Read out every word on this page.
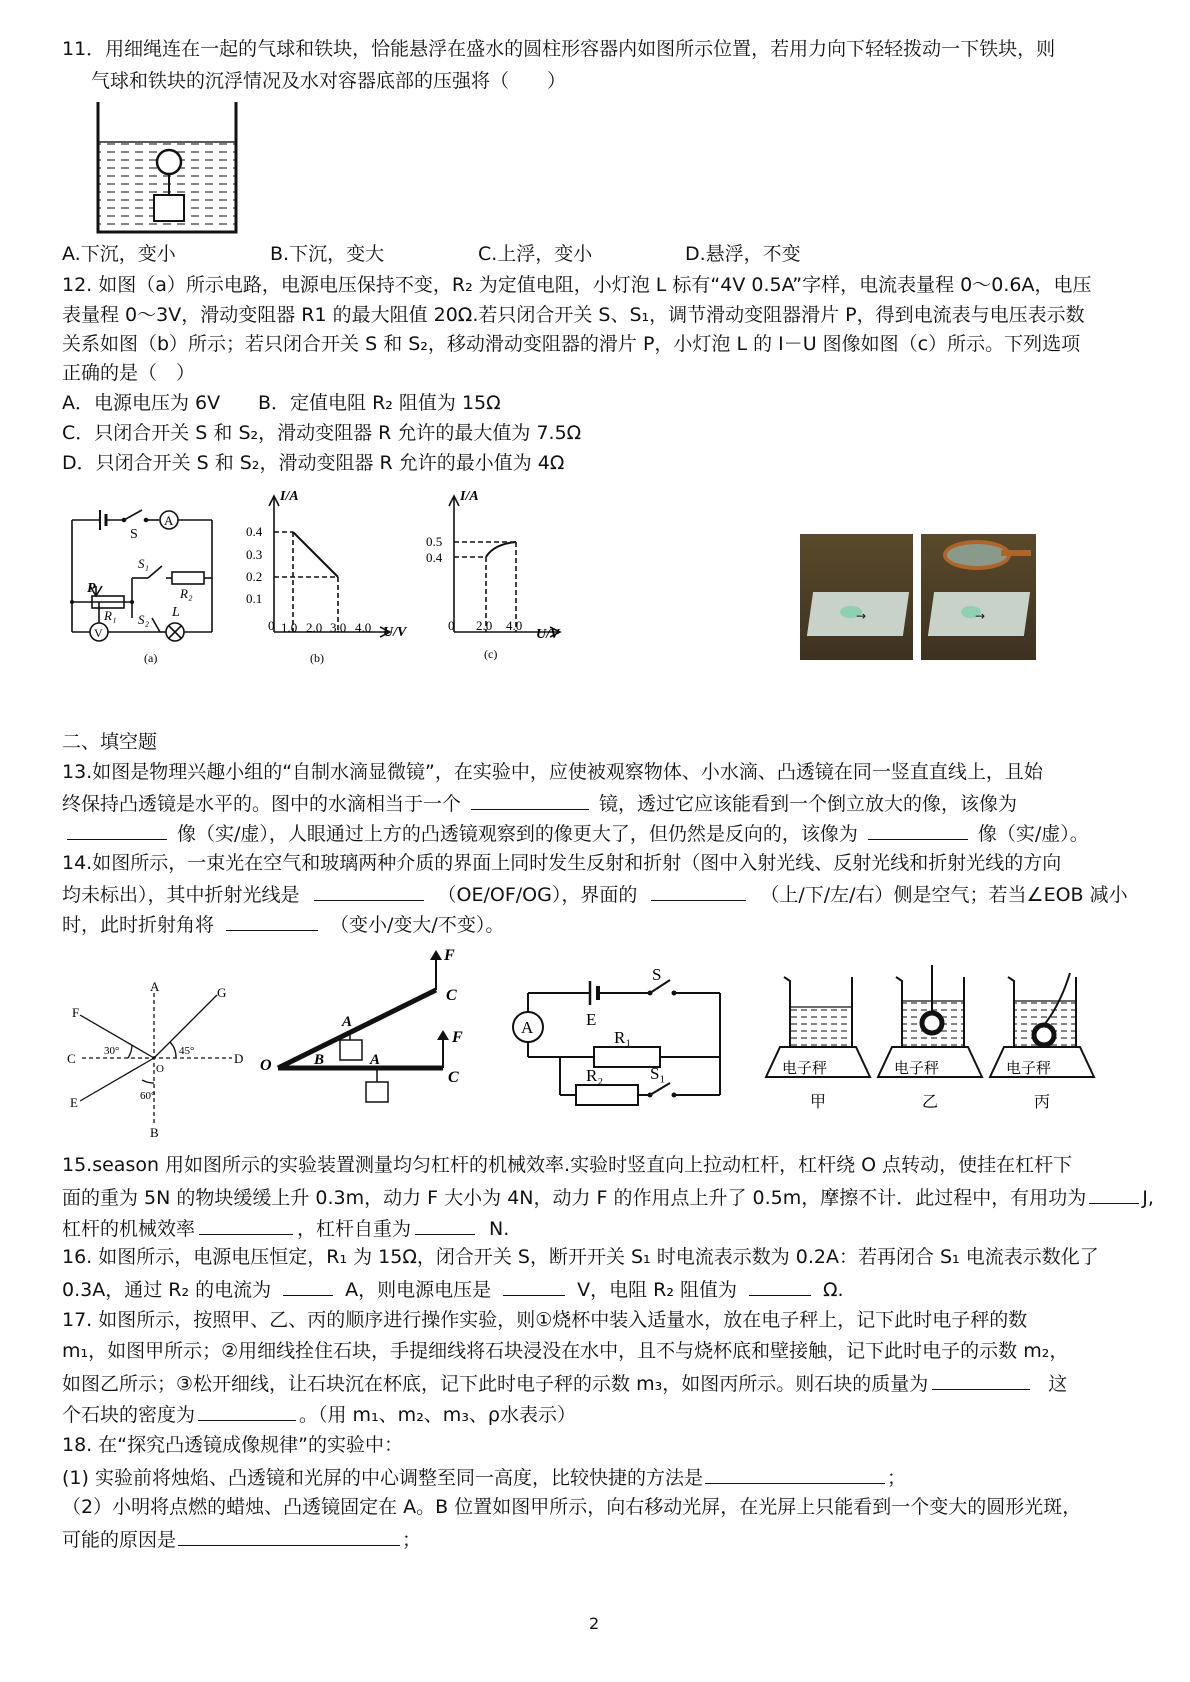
11．用细绳连在一起的气球和铁块，恰能悬浮在盛水的圆柱形容器内如图所示位置，若用力向下轻轻拨动一下铁块，则
气球和铁块的沉浮情况及水对容器底部的压强将（　　）
A.下沉，变小	B.下沉，变大	C.上浮，变小	D.悬浮，不变
12. 如图（a）所示电路，电源电压保持不变，R₂ 为定值电阻，小灯泡 L 标有“4V 0.5A”字样，电流表量程 0～0.6A，电压
表量程 0～3V，滑动变阻器 R1 的最大阻值 20Ω.若只闭合开关 S、S₁，调节滑动变阻器滑片 P，得到电流表与电压表示数
关系如图（b）所示；若只闭合开关 S 和 S₂，移动滑动变阻器的滑片 P，小灯泡 L 的 I－U 图像如图（c）所示。下列选项
正确的是（　）
A．电源电压为 6V B．定值电阻 R₂ 阻值为 15Ω
C．只闭合开关 S 和 S₂，滑动变阻器 R 允许的最大值为 7.5Ω
D．只闭合开关 S 和 S₂，滑动变阻器 R 允许的最小值为 4Ω
A
S
S₁
P	R₂
R₁ S₂ L
V
(a)
I/A
0.4
0.3
0.2
0.1
0 1.0 2.0 3.0 4.0 U/V
(b)
I/A
0.5
0.4
0 2.0 4.0
U/V
(c)
→	→
二、填空题
13.如图是物理兴趣小组的“自制水滴显微镜”，在实验中，应使被观察物体、小水滴、凸透镜在同一竖直直线上，且始
终保持凸透镜是水平的。图中的水滴相当于一个	镜，透过它应该能看到一个倒立放大的像，该像为
像（实/虚），人眼通过上方的凸透镜观察到的像更大了，但仍然是反向的，该像为	像（实/虚）。
14.如图所示，一束光在空气和玻璃两种介质的界面上同时发生反射和折射（图中入射光线、反射光线和折射光线的方向
均未标出），其中折射光线是	（OE/OF/OG），界面的	（上/下/左/右）侧是空气；若当∠EOB 减小
时，此时折射角将	（变小/变大/不变）。
A
B
C	D
E
F
G
O
30°	45°
60°
F
F
C
C
A
A
O	B
A
S
E
R₁
R₂	S₁	电子秤
甲
电子秤
乙
电子秤
丙
15.season 用如图所示的实验装置测量均匀杠杆的机械效率.实验时竖直向上拉动杠杆，杠杆绕 O 点转动，使挂在杠杆下
面的重为 5N 的物块缓缓上升 0.3m，动力 F 大小为 4N，动力 F 的作用点上升了 0.5m，摩擦不计．此过程中，有用功为	J,
杠杆的机械效率	，杠杆自重为	N.
16. 如图所示，电源电压恒定，R₁ 为 15Ω，闭合开关 S，断开开关 S₁ 时电流表示数为 0.2A：若再闭合 S₁ 电流表示数化了
0.3A，通过 R₂ 的电流为	A，则电源电压是	V，电阻 R₂ 阻值为	Ω.
17. 如图所示，按照甲、乙、丙的顺序进行操作实验，则①烧杯中装入适量水，放在电子秤上，记下此时电子秤的数
m₁，如图甲所示；②用细线拴住石块，手提细线将石块浸没在水中，且不与烧杯底和壁接触，记下此时电子的示数 m₂，
如图乙所示；③松开细线，让石块沉在杯底，记下此时电子秤的示数 m₃，如图丙所示。则石块的质量为	这
个石块的密度为	。（用 m₁、m₂、m₃、ρ水表示）
18. 在“探究凸透镜成像规律”的实验中：
(1) 实验前将烛焰、凸透镜和光屏的中心调整至同一高度，比较快捷的方法是	；
（2）小明将点燃的蜡烛、凸透镜固定在 A。B 位置如图甲所示，向右移动光屏，在光屏上只能看到一个变大的圆形光斑，
可能的原因是	；
2
